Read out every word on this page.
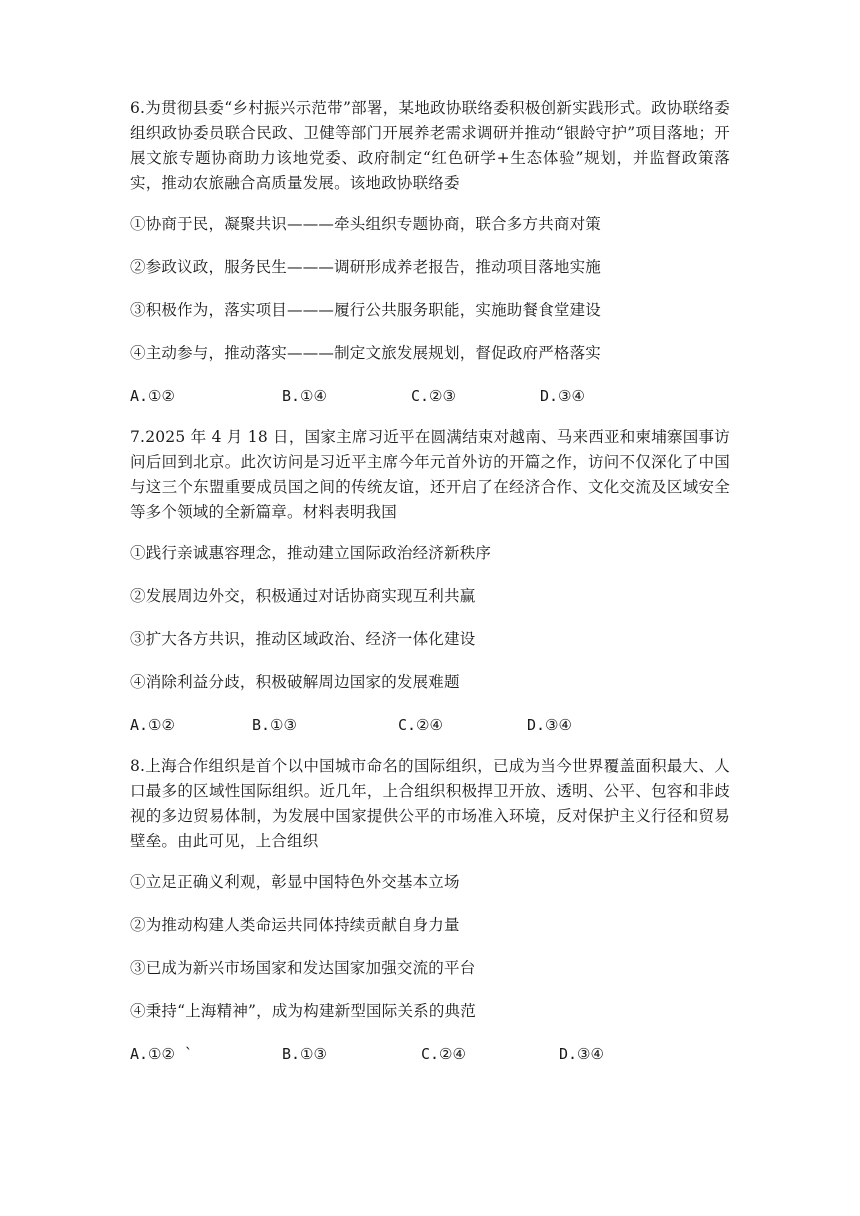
6.为贯彻县委“乡村振兴示范带”部署，某地政协联络委积极创新实践形式。政协联络委组织政协委员联合民政、卫健等部门开展养老需求调研并推动“银龄守护”项目落地；开展文旅专题协商助力该地党委、政府制定“红色研学+生态体验”规划，并监督政策落实，推动农旅融合高质量发展。该地政协联络委

①协商于民，凝聚共识———牵头组织专题协商，联合多方共商对策

②参政议政，服务民生———调研形成养老报告，推动项目落地实施

③积极作为，落实项目———履行公共服务职能，实施助餐食堂建设

④主动参与，推动落实———制定文旅发展规划，督促政府严格落实

A.①②	B.①④	C.②③	D.③④

7.2025 年 4 月 18 日，国家主席习近平在圆满结束对越南、马来西亚和柬埔寨国事访问后回到北京。此次访问是习近平主席今年元首外访的开篇之作，访问不仅深化了中国与这三个东盟重要成员国之间的传统友谊，还开启了在经济合作、文化交流及区域安全等多个领域的全新篇章。材料表明我国

①践行亲诚惠容理念，推动建立国际政治经济新秩序

②发展周边外交，积极通过对话协商实现互利共赢

③扩大各方共识，推动区域政治、经济一体化建设

④消除利益分歧，积极破解周边国家的发展难题

A.①②	B.①③	C.②④	D.③④

8.上海合作组织是首个以中国城市命名的国际组织，已成为当今世界覆盖面积最大、人口最多的区域性国际组织。近几年，上合组织积极捍卫开放、透明、公平、包容和非歧视的多边贸易体制，为发展中国家提供公平的市场准入环境，反对保护主义行径和贸易壁垒。由此可见，上合组织

①立足正确义利观，彰显中国特色外交基本立场

②为推动构建人类命运共同体持续贡献自身力量

③已成为新兴市场国家和发达国家加强交流的平台

④秉持“上海精神”，成为构建新型国际关系的典范

A.①② `	B.①③	C.②④	D.③④
